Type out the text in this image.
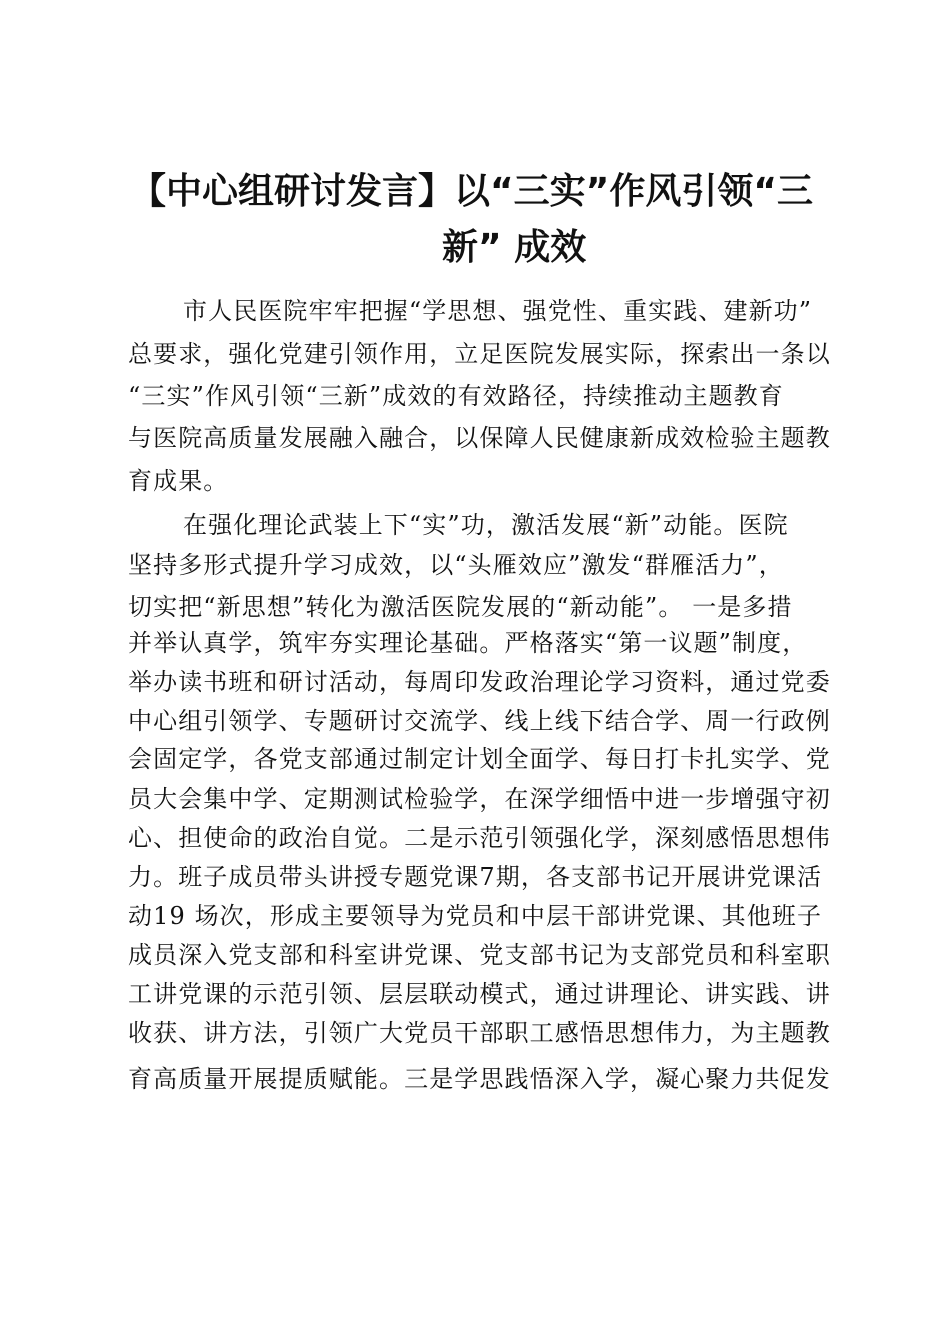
【中心组研讨发言】以“三实”作风引领“三
新” 成效
市人民医院牢牢把握“学思想、强党性、重实践、建新功”
总要求，强化党建引领作用，立足医院发展实际，探索出一条以
“三实”作风引领“三新”成效的有效路径，持续推动主题教育
与医院高质量发展融入融合，以保障人民健康新成效检验主题教
育成果。
在强化理论武装上下“实”功，激活发展“新”动能。医院
坚持多形式提升学习成效，以“头雁效应”激发“群雁活力”，
切实把“新思想”转化为激活医院发展的“新动能”。 一是多措
并举认真学，筑牢夯实理论基础。严格落实“第一议题”制度，
举办读书班和研讨活动，每周印发政治理论学习资料，通过党委
中心组引领学、专题研讨交流学、线上线下结合学、周一行政例
会固定学，各党支部通过制定计划全面学、每日打卡扎实学、党
员大会集中学、定期测试检验学，在深学细悟中进一步增强守初
心、担使命的政治自觉。二是示范引领强化学，深刻感悟思想伟
力。班子成员带头讲授专题党课7期，各支部书记开展讲党课活
动19 场次，形成主要领导为党员和中层干部讲党课、其他班子
成员深入党支部和科室讲党课、党支部书记为支部党员和科室职
工讲党课的示范引领、层层联动模式，通过讲理论、讲实践、讲
收获、讲方法，引领广大党员干部职工感悟思想伟力，为主题教
育高质量开展提质赋能。三是学思践悟深入学，凝心聚力共促发
